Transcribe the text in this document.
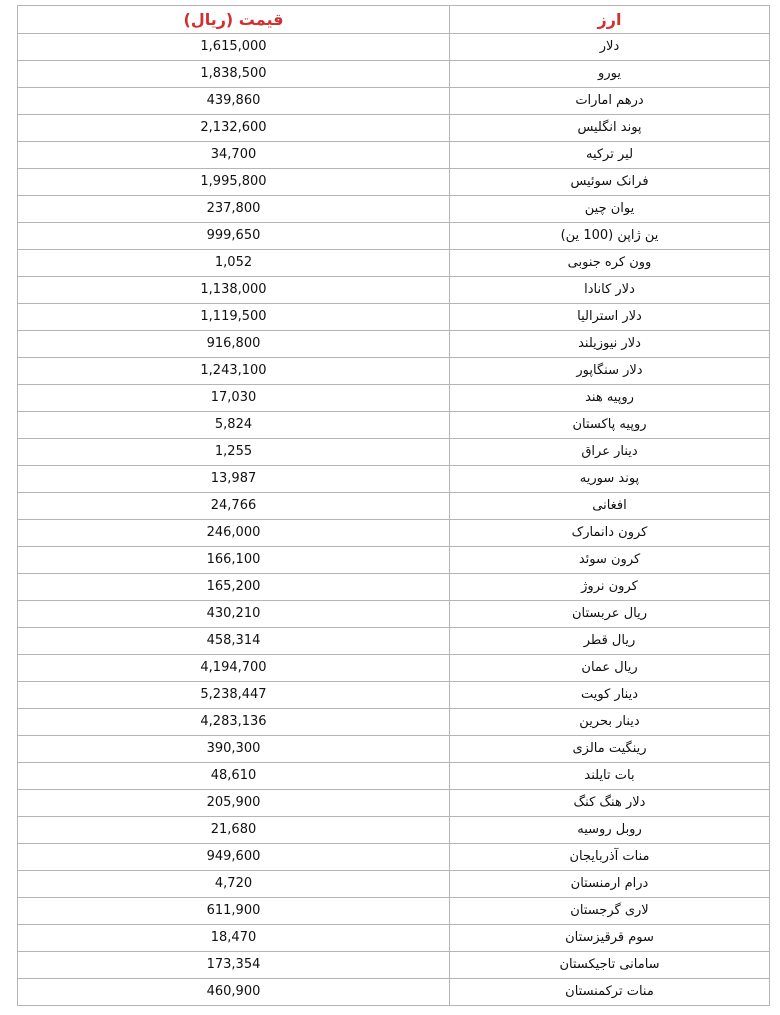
قیمت (ریال)	ارز
1,615,000	دلار
1,838,500	یورو
439,860	درهم امارات
2,132,600	پوند انگلیس
34,700	لیر ترکیه
1,995,800	فرانک سوئیس
237,800	یوان چین
999,650	ین ژاپن (100 ین)
1,052	وون کره جنوبی
1,138,000	دلار کانادا
1,119,500	دلار استرالیا
916,800	دلار نیوزیلند
1,243,100	دلار سنگاپور
17,030	روپیه هند
5,824	روپیه پاکستان
1,255	دینار عراق
13,987	پوند سوریه
24,766	افغانی
246,000	کرون دانمارک
166,100	کرون سوئد
165,200	کرون نروژ
430,210	ریال عربستان
458,314	ریال قطر
4,194,700	ریال عمان
5,238,447	دینار کویت
4,283,136	دینار بحرین
390,300	رینگیت مالزی
48,610	بات تایلند
205,900	دلار هنگ کنگ
21,680	روبل روسیه
949,600	منات آذربایجان
4,720	درام ارمنستان
611,900	لاری گرجستان
18,470	سوم قرقیزستان
173,354	سامانی تاجیکستان
460,900	منات ترکمنستان
